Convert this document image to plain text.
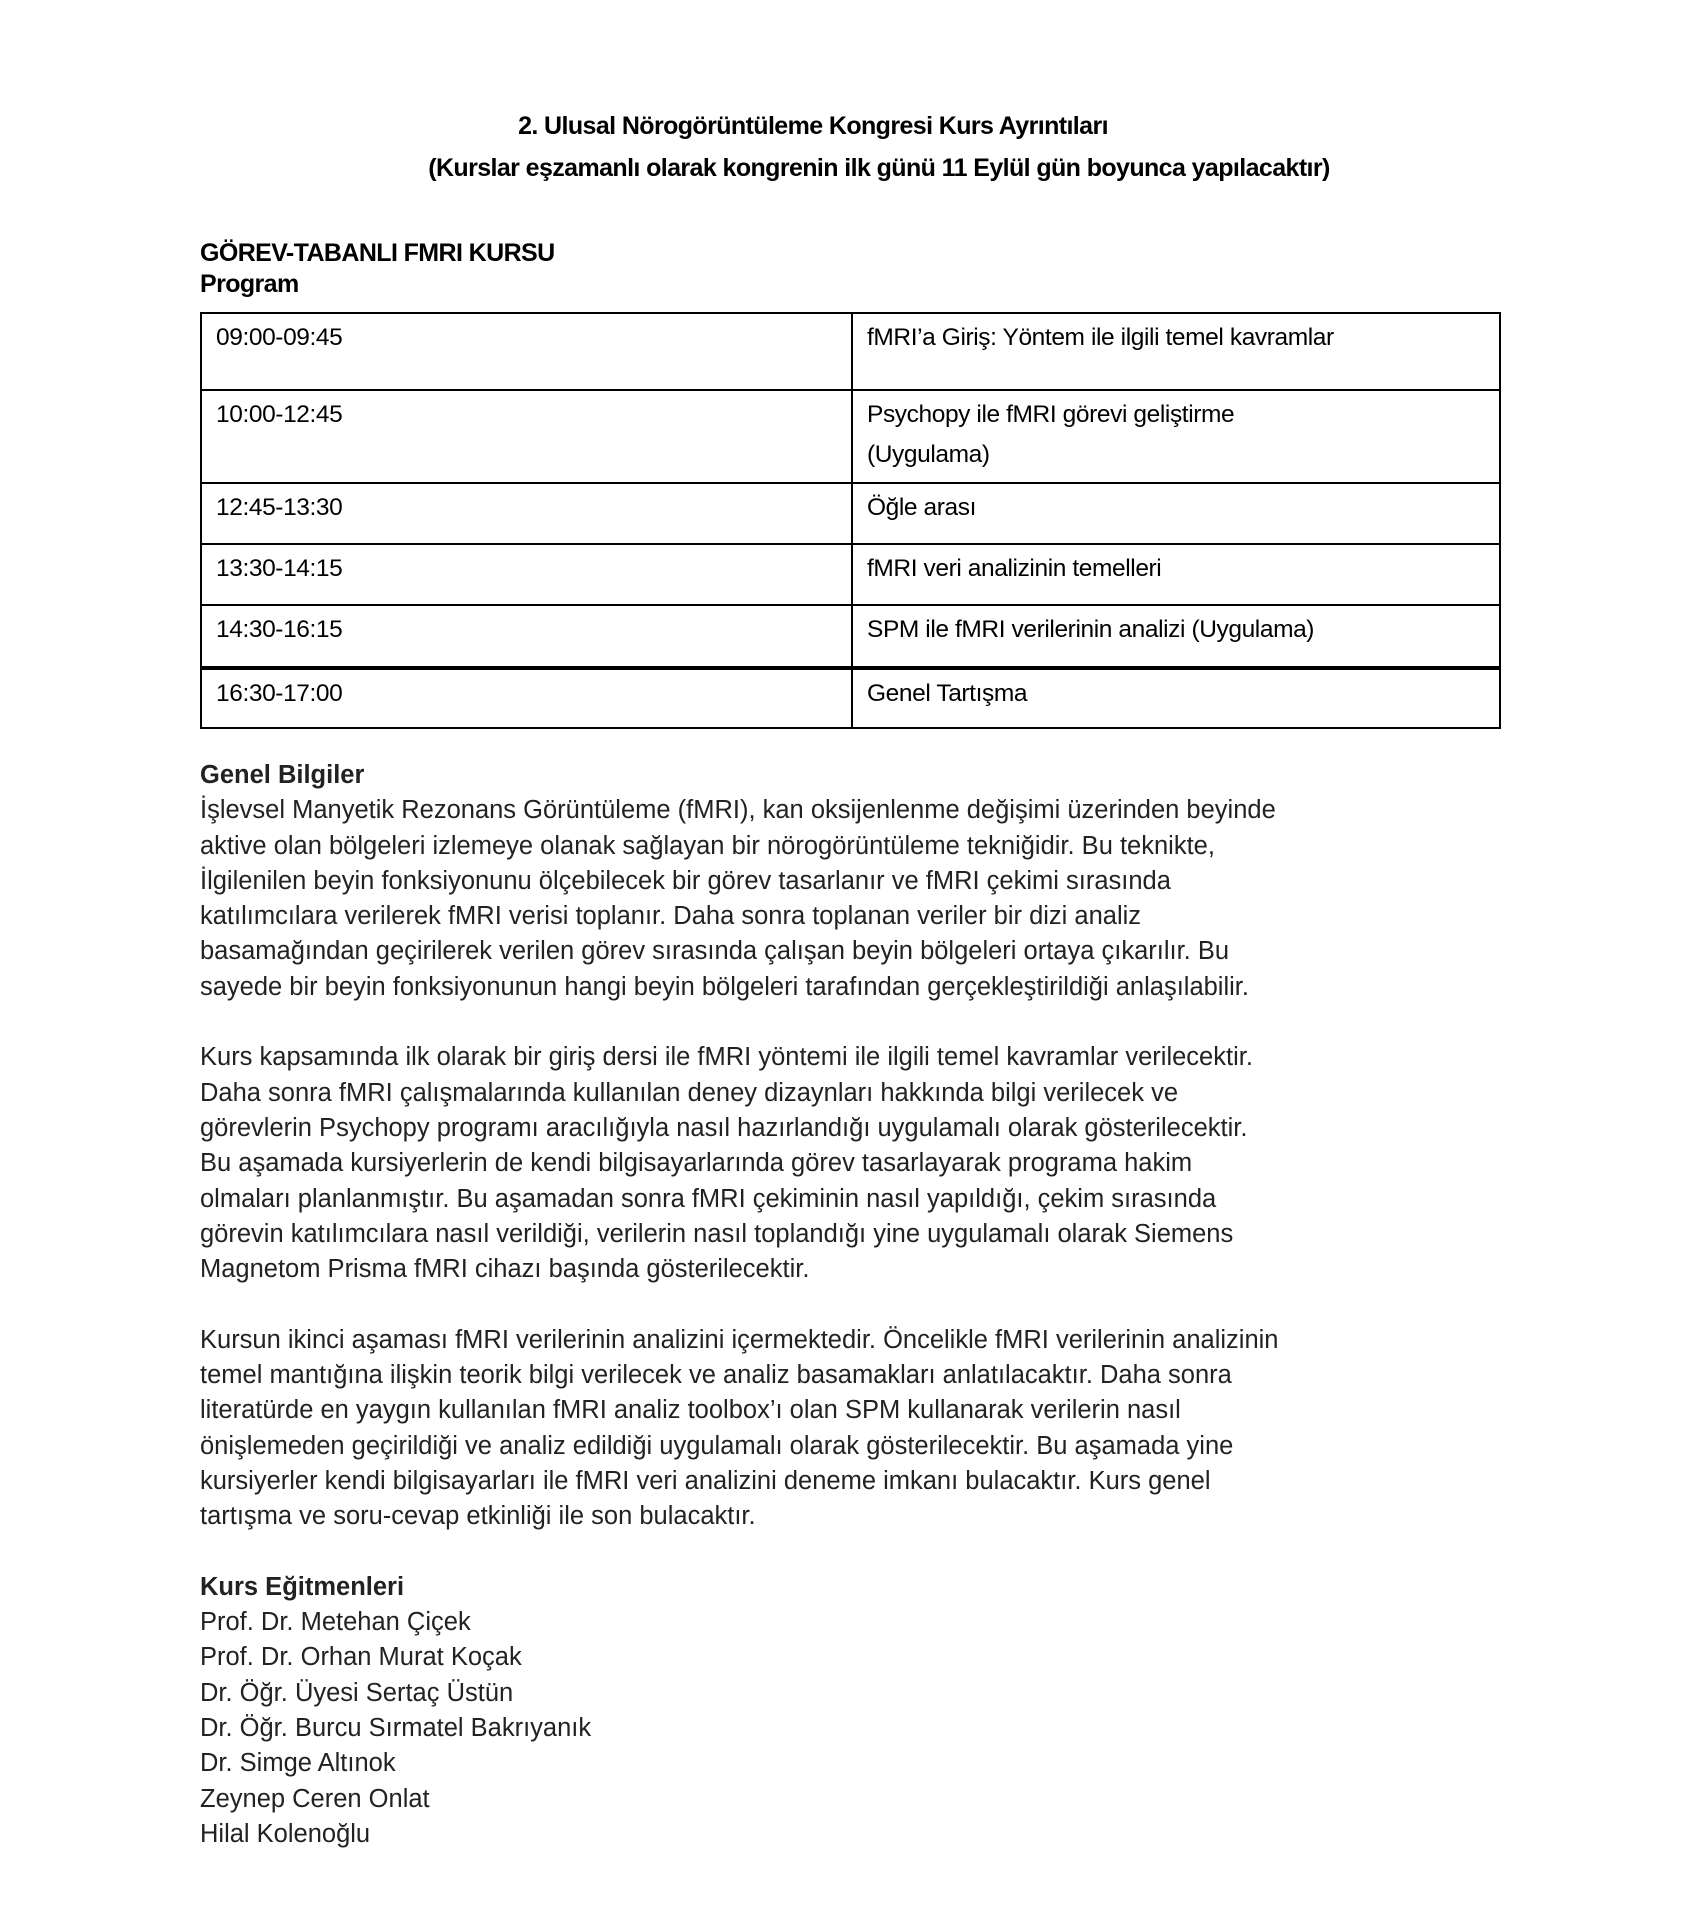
2. Ulusal Nörogörüntüleme Kongresi Kurs Ayrıntıları
(Kurslar eşzamanlı olarak kongrenin ilk günü 11 Eylül gün boyunca yapılacaktır)
GÖREV-TABANLI FMRI KURSU
Program
09:00-09:45	fMRI’a Giriş: Yöntem ile ilgili temel kavramlar
10:00-12:45	Psychopy ile fMRI görevi geliştirme
(Uygulama)

12:45-13:30	Öğle arası
13:30-14:15	fMRI veri analizinin temelleri
14:30-16:15	SPM ile fMRI verilerinin analizi (Uygulama)
16:30-17:00	Genel Tartışma

Genel Bilgiler
İşlevsel Manyetik Rezonans Görüntüleme (fMRI), kan oksijenlenme değişimi üzerinden beyinde
aktive olan bölgeleri izlemeye olanak sağlayan bir nörogörüntüleme tekniğidir. Bu teknikte,
İlgilenilen beyin fonksiyonunu ölçebilecek bir görev tasarlanır ve fMRI çekimi sırasında
katılımcılara verilerek fMRI verisi toplanır. Daha sonra toplanan veriler bir dizi analiz
basamağından geçirilerek verilen görev sırasında çalışan beyin bölgeleri ortaya çıkarılır. Bu
sayede bir beyin fonksiyonunun hangi beyin bölgeleri tarafından gerçekleştirildiği anlaşılabilir.

Kurs kapsamında ilk olarak bir giriş dersi ile fMRI yöntemi ile ilgili temel kavramlar verilecektir.
Daha sonra fMRI çalışmalarında kullanılan deney dizaynları hakkında bilgi verilecek ve
görevlerin Psychopy programı aracılığıyla nasıl hazırlandığı uygulamalı olarak gösterilecektir.
Bu aşamada kursiyerlerin de kendi bilgisayarlarında görev tasarlayarak programa hakim
olmaları planlanmıştır. Bu aşamadan sonra fMRI çekiminin nasıl yapıldığı, çekim sırasında
görevin katılımcılara nasıl verildiği, verilerin nasıl toplandığı yine uygulamalı olarak Siemens
Magnetom Prisma fMRI cihazı başında gösterilecektir.

Kursun ikinci aşaması fMRI verilerinin analizini içermektedir. Öncelikle fMRI verilerinin analizinin
temel mantığına ilişkin teorik bilgi verilecek ve analiz basamakları anlatılacaktır. Daha sonra
literatürde en yaygın kullanılan fMRI analiz toolbox’ı olan SPM kullanarak verilerin nasıl
önişlemeden geçirildiği ve analiz edildiği uygulamalı olarak gösterilecektir. Bu aşamada yine
kursiyerler kendi bilgisayarları ile fMRI veri analizini deneme imkanı bulacaktır. Kurs genel
tartışma ve soru-cevap etkinliği ile son bulacaktır.

Kurs Eğitmenleri
Prof. Dr. Metehan Çiçek
Prof. Dr. Orhan Murat Koçak
Dr. Öğr. Üyesi Sertaç Üstün
Dr. Öğr. Burcu Sırmatel Bakrıyanık
Dr. Simge Altınok
Zeynep Ceren Onlat
Hilal Kolenoğlu
